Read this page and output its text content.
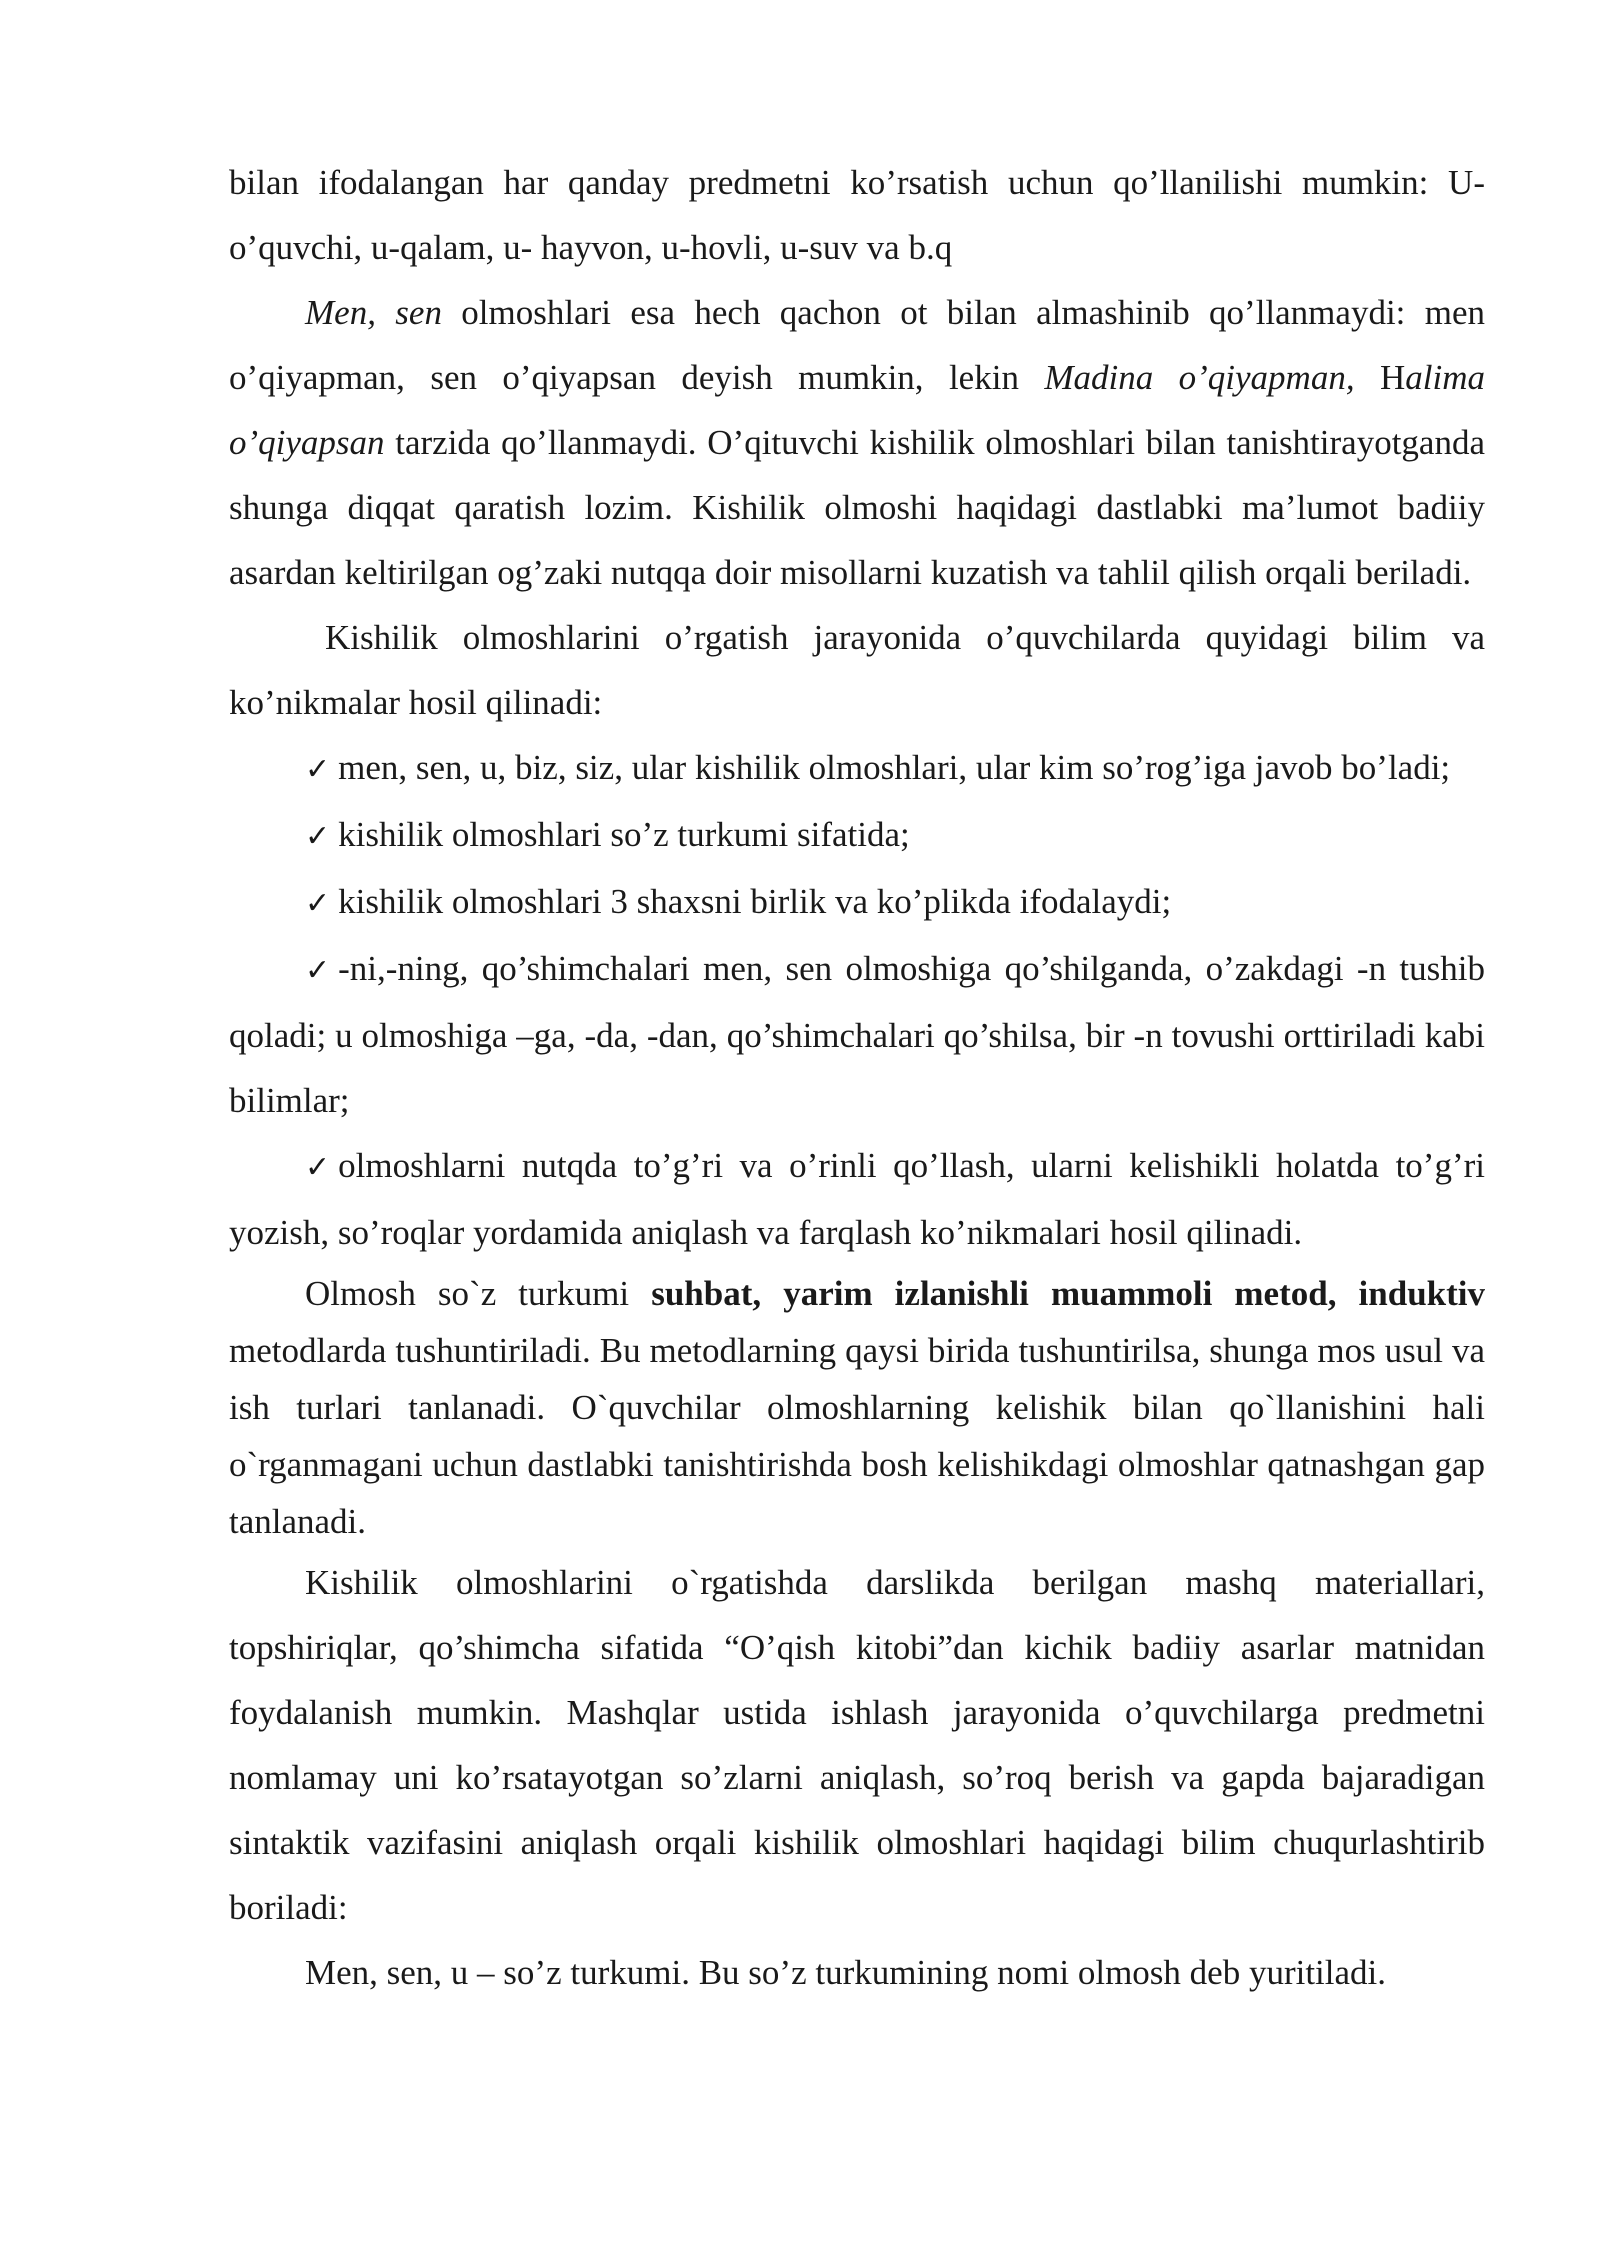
bilan ifodalangan har qanday predmetni ko’rsatish uchun qo’llanilishi mumkin: U-o’quvchi, u-qalam, u- hayvon, u-hovli, u-suv va b.q

Men, sen olmoshlari esa hech qachon ot bilan almashinib qo’llanmaydi: men o’qiyapman, sen o’qiyapsan deyish mumkin, lekin Madina o’qiyapman, Halima o’qiyapsan tarzida qo’llanmaydi. O’qituvchi kishilik olmoshlari bilan tanishtirayotganda shunga diqqat qaratish lozim. Kishilik olmoshi haqidagi dastlabki ma’lumot badiiy asardan keltirilgan og’zaki nutqqa doir misollarni kuzatish va tahlil qilish orqali beriladi.

Kishilik olmoshlarini o’rgatish jarayonida o’quvchilarda quyidagi bilim va ko’nikmalar hosil qilinadi:

✓ men, sen, u, biz, siz, ular kishilik olmoshlari, ular kim so’rog’iga javob bo’ladi;

✓ kishilik olmoshlari so’z turkumi sifatida;

✓ kishilik olmoshlari 3 shaxsni birlik va ko’plikda ifodalaydi;

✓ -ni,-ning, qo’shimchalari men, sen olmoshiga qo’shilganda, o’zakdagi -n tushib qoladi; u olmoshiga –ga, -da, -dan, qo’shimchalari qo’shilsa, bir -n tovushi orttiriladi kabi bilimlar;

✓ olmoshlarni nutqda to’g’ri va o’rinli qo’llash, ularni kelishikli holatda to’g’ri yozish, so’roqlar yordamida aniqlash va farqlash ko’nikmalari hosil qilinadi.

Olmosh so`z turkumi suhbat, yarim izlanishli muammoli metod, induktiv metodlarda tushuntiriladi. Bu metodlarning qaysi birida tushuntirilsa, shunga mos usul va ish turlari tanlanadi. O`quvchilar olmoshlarning kelishik bilan qo`llanishini hali o`rganmagani uchun dastlabki tanishtirishda bosh kelishikdagi olmoshlar qatnashgan gap tanlanadi.

Kishilik olmoshlarini o`rgatishda darslikda berilgan mashq materiallari, topshiriqlar, qo’shimcha sifatida “O’qish kitobi”dan kichik badiiy asarlar matnidan foydalanish mumkin. Mashqlar ustida ishlash jarayonida o’quvchilarga predmetni nomlamay uni ko’rsatayotgan so’zlarni aniqlash, so’roq berish va gapda bajaradigan sintaktik vazifasini aniqlash orqali kishilik olmoshlari haqidagi bilim chuqurlashtirib boriladi:

Men, sen, u – so’z turkumi. Bu so’z turkumining nomi olmosh deb yuritiladi.
